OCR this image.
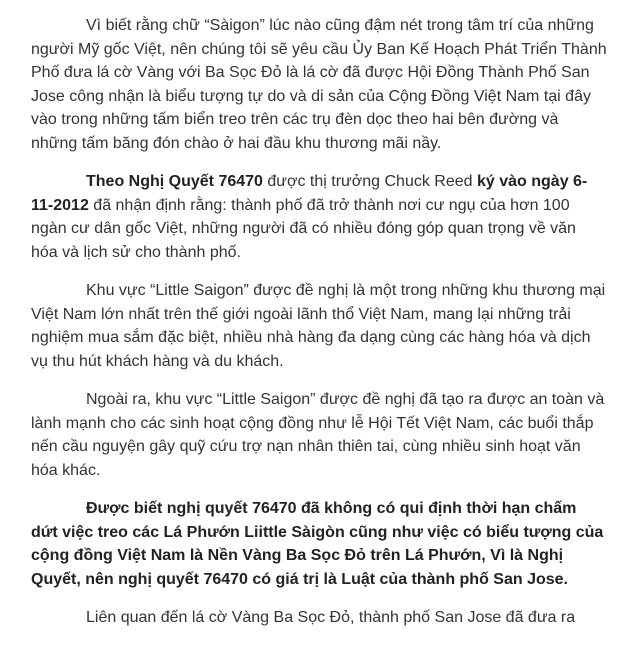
Vì biết rằng chữ “Sàigon” lúc nào cũng đậm nét trong tâm trí của những người Mỹ gốc Việt, nên chúng tôi sẽ yêu cầu Ủy Ban Kế Hoạch Phát Triển Thành Phố đưa lá cờ Vàng với Ba Sọc Đỏ là lá cờ đã được Hội Đồng Thành Phố San Jose công nhận là biểu tượng tự do và di sản của Cộng Đồng Việt Nam tại đây vào trong những tấm biển treo trên các trụ đèn dọc theo hai bên đường và những tấm băng đón chào ở hai đầu khu thương mãi nầy.

Theo Nghị Quyết 76470 được thị trưởng Chuck Reed ký vào ngày 6-11-2012 đã nhận định rằng: thành phố đã trở thành nơi cư ngụ của hơn 100 ngàn cư dân gốc Việt, những người đã có nhiều đóng góp quan trọng về văn hóa và lịch sử cho thành phố.

Khu vực “Little Saigon” được đề nghị là một trong những khu thương mại Việt Nam lớn nhất trên thế giới ngoài lãnh thổ Việt Nam, mang lại những trải nghiệm mua sắm đặc biệt, nhiều nhà hàng đa dạng cùng các hàng hóa và dịch vụ thu hút khách hàng và du khách.

Ngoài ra, khu vực “Little Saigon” được đề nghị đã tạo ra được an toàn và lành mạnh cho các sinh hoạt cộng đồng như lễ Hội Tết Việt Nam, các buổi thắp nến cầu nguyện gây quỹ cứu trợ nạn nhân thiên tai, cùng nhiều sinh hoạt văn hóa khác.

Được biết nghị quyết 76470 đã không có qui định thời hạn chấm dứt việc treo các Lá Phướn Liittle Sàigòn cũng như việc có biểu tượng của cộng đồng Việt Nam là Nền Vàng Ba Sọc Đỏ trên Lá Phướn, Vì là Nghị Quyết, nên nghị quyết 76470 có giá trị là Luật của thành phố San Jose.

Liên quan đến lá cờ Vàng Ba Sọc Đỏ, thành phố San Jose đã đưa ra
